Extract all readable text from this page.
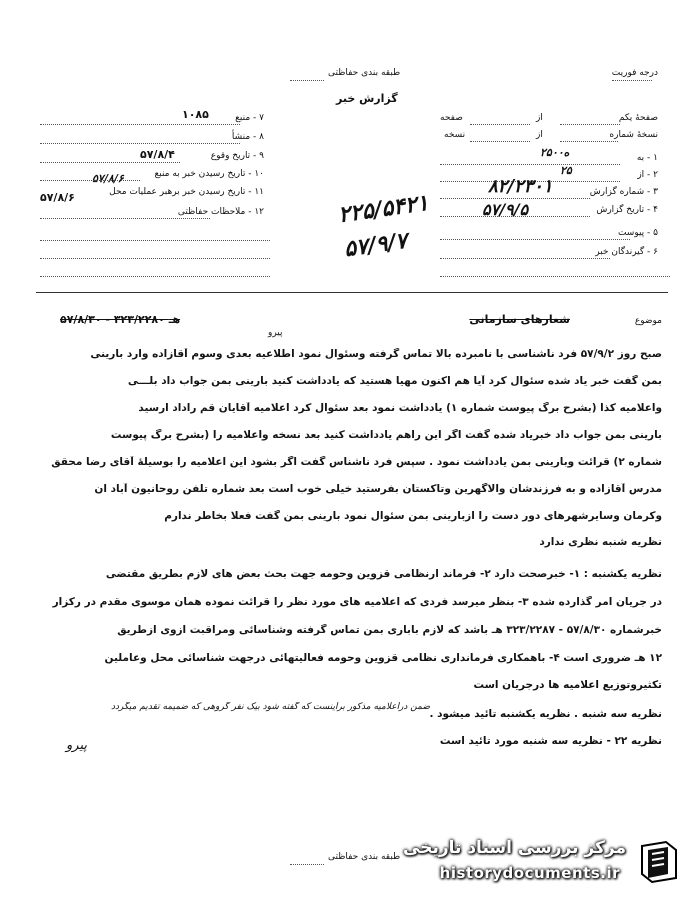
درجه فوریت
طبقه بندی حفاظتی
گزارش خبر
صفحهٔ یکم
از
صفحه
نسخهٔ شماره
از
نسخه
۱ - به
۲۵۰۰ه
۲ - از
۲۵
۳ - شماره گزارش
۸۲/۲۳۰۱
۴ - تاریخ گزارش
۵۷/۹/۵
۵ - پیوست
۶ - گیرندگان خبر
۷ - منبع
۱۰۸۵
۸ - منشأ
۹ - تاریخ وقوع
۵۷/۸/۴
۱۰ - تاریخ رسیدن خبر به منبع
۵۷/۸/۶
۱۱ - تاریخ رسیدن خبر برهبر عملیات محل
۵۷/۸/۶
۱۲ - ملاحظات حفاظتی	۲۲۵/۵۴۲۱
۵۷/۹/۷
موضوع
شعارهای سازمانی
۵۷/۸/۳۰ - ۳۲۳/۲۲۸۰ هـ
پیرو
صبح روز ۵۷/۹/۲ فرد ناشناسی با نامبرده بالا تماس گرفته وسئوال نمود اطلاعیه بعدی وسوم آقازاده وارد بارینی
بمن گفت خبر یاد شده سئوال کرد آیا هم اکنون مهیا هستید که یادداشت کنید بارینی بمن جواب داد بلـــی
واعلامیه کذا (بشرح برگ پیوست شماره ۱) یادداشت نمود بعد سئوال کرد اعلامیه آقایان قم راداد ارسید
بارینی بمن جواب داد خبریاد شده گفت اگر این راهم یادداشت کنید بعد نسخه واعلامیه را (بشرح برگ پیوست
شماره ۲) قرائت وبارینی بمن یادداشت نمود . سپس فرد ناشناس گفت اگر بشود این اعلامیه را بوسیلهٔ آقای رضا محقق
مدرس آقازاده و به فرزندشان والاگهرین وتاکستان بفرستید خیلی خوب است بعد شماره تلفن روحانیون آباد ان
وکرمان وسایرشهرهای دور دست را ازبارینی بمن سئوال نمود بارینی بمن گفت فعلا بخاطر ندارم
نظریه شنبه نظری ندارد
نظریه یکشنبه : ۱- خبرصحت دارد ۲- فرماند ارنظامی قزوین وحومه جهت بحث بعض های لازم بطریق مقتضی
در جریان امر گذارده شده ۳- بنظر میرسد فردی که اعلامیه های مورد نظر را قرائت نموده همان موسوی مقدم در رکزار
خبرشماره ۵۷/۸/۳۰ - ۳۲۳/۲۲۸۷ هـ باشد که لازم باباری بمن تماس گرفته وشناسائی ومراقبت ازوی ازطریق
۱۲ هـ ضروری است ۴- باهمکاری فرمانداری نظامی قزوین وحومه فعالیتهائی درجهت شناسائی محل وعاملین
تکثیروتوزیع اعلامیه ها درجریان است
نظریه سه شنبه . نظریه یکشنبه تائید میشود .
ضمن دراعلامیه مذکور براینست که گفته شود بیک نفر گروهی که ضمیمه تقدیم میگردد
پیرو	نظریه ۲۲ - نظریه سه شنبه مورد تائید است
طبقه بندی حفاظتی مرکز بررسی اسناد تاریخی
historydocuments.ir
